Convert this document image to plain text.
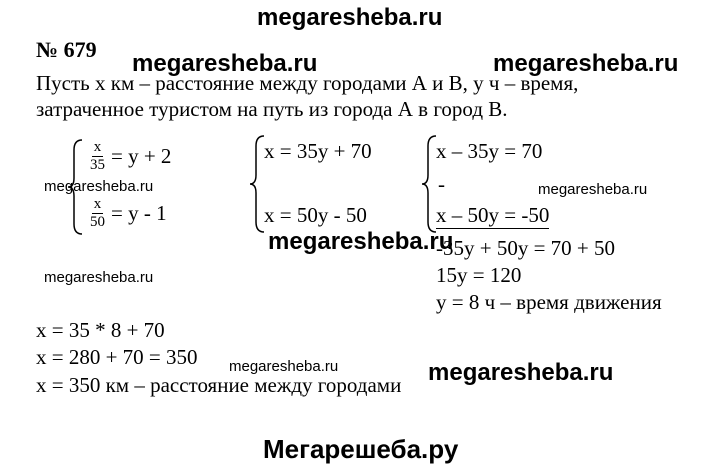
megaresheba.ru
№ 679
megaresheba.ru	megaresheba.ru
Пусть x км – расстояние между городами А и В, у ч – время,
затраченное туристом на путь из города А в город В.
$\frac{x}{35} = y + 2$
$\frac{x}{50} = y - 1$
megaresheba.ru
x = 35y + 70
x = 50y - 50
x – 35y = 70
-
x – 50y = -50
megaresheba.ru
megaresheba.ru
-35y + 50y = 70 + 50
15y = 120
y = 8 ч – время движения
megaresheba.ru
x = 35 * 8 + 70
x = 280 + 70 = 350
x = 350 км – расстояние между городами
megaresheba.ru	megaresheba.ru
Мегарешеба.ру
